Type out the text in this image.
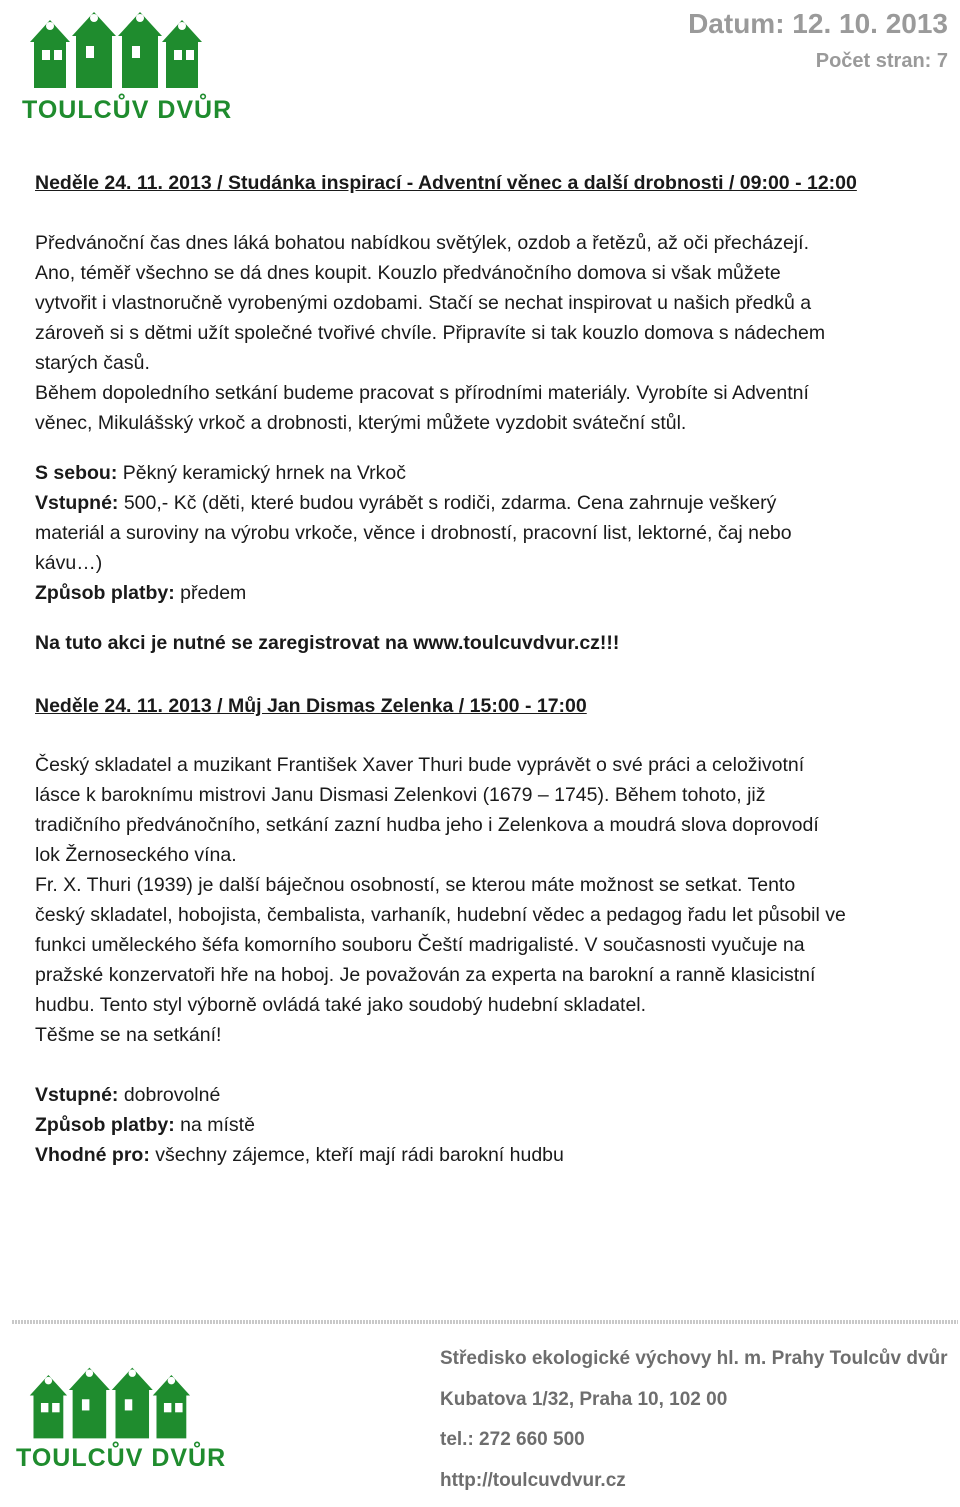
TOULCŮV DVŮR
Datum: 12. 10. 2013
Počet stran: 7

Neděle 24. 11. 2013 / Studánka inspirací - Adventní věnec a další drobnosti / 09:00 - 12:00

Předvánoční čas dnes láká bohatou nabídkou světýlek, ozdob a řetězů, až oči přecházejí.

Ano, téměř všechno se dá dnes koupit. Kouzlo předvánočního domova si však můžete

vytvořit i vlastnoručně vyrobenými ozdobami. Stačí se nechat inspirovat u našich předků a

zároveň si s dětmi užít společné tvořivé chvíle. Připravíte si tak kouzlo domova s nádechem

starých časů.

Během dopoledního setkání budeme pracovat s přírodními materiály. Vyrobíte si Adventní

věnec, Mikulášský vrkoč a drobnosti, kterými můžete vyzdobit sváteční stůl.

S sebou: Pěkný keramický hrnek na Vrkoč

Vstupné: 500,- Kč (děti, které budou vyrábět s rodiči, zdarma. Cena zahrnuje veškerý

materiál a suroviny na výrobu vrkoče, věnce i drobností, pracovní list, lektorné, čaj nebo

kávu…)

Způsob platby: předem

Na tuto akci je nutné se zaregistrovat na www.toulcuvdvur.cz!!!

Neděle 24. 11. 2013 / Můj Jan Dismas Zelenka / 15:00 - 17:00

Český skladatel a muzikant František Xaver Thuri bude vyprávět o své práci a celoživotní

lásce k baroknímu mistrovi Janu Dismasi Zelenkovi (1679 – 1745). Během tohoto, již

tradičního předvánočního, setkání zazní hudba jeho i Zelenkova a moudrá slova doprovodí

lok Žernoseckého vína.

Fr. X. Thuri (1939) je další báječnou osobností, se kterou máte možnost se setkat. Tento

český skladatel, hobojista, čembalista, varhaník, hudební vědec a pedagog řadu let působil ve

funkci uměleckého šéfa komorního souboru Čeští madrigalisté. V současnosti vyučuje na

pražské konzervatoři hře na hoboj. Je považován za experta na barokní a ranně klasicistní

hudbu. Tento styl výborně ovládá také jako soudobý hudební skladatel.

Těšme se na setkání!

Vstupné: dobrovolné

Způsob platby: na místě

Vhodné pro: všechny zájemce, kteří mají rádi barokní hudbu

TOULCŮV DVŮR
Středisko ekologické výchovy hl. m. Prahy Toulcův dvůr
Kubatova 1/32, Praha 10, 102 00
tel.: 272 660 500
http://toulcuvdvur.cz
